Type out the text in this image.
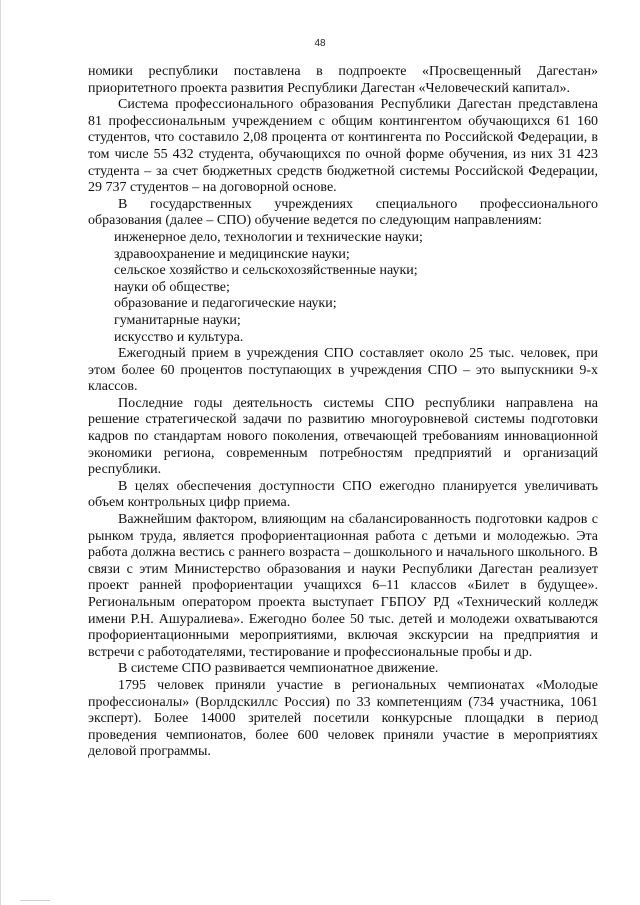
48

номики республики поставлена в подпроекте «Просвещенный Дагестан» приоритетного проекта развития Республики Дагестан «Человеческий капитал».

Система профессионального образования Республики Дагестан представлена 81 профессиональным учреждением с общим контингентом обучающихся 61 160 студентов, что составило 2,08 процента от контингента по Российской Федерации, в том числе 55 432 студента, обучающихся по очной форме обучения, из них 31 423 студента – за счет бюджетных средств бюджетной системы Российской Федерации, 29 737 студентов – на договорной основе.

В государственных учреждениях специального профессионального образования (далее – СПО) обучение ведется по следующим направлениям:

инженерное дело, технологии и технические науки;
здравоохранение и медицинские науки;
сельское хозяйство и сельскохозяйственные науки;
науки об обществе;
образование и педагогические науки;
гуманитарные науки;
искусство и культура.

Ежегодный прием в учреждения СПО составляет около 25 тыс. человек, при этом более 60 процентов поступающих в учреждения СПО – это выпускники 9-х классов.

Последние годы деятельность системы СПО республики направлена на решение стратегической задачи по развитию многоуровневой системы подготовки кадров по стандартам нового поколения, отвечающей требованиям инновационной экономики региона, современным потребностям предприятий и организаций республики.

В целях обеспечения доступности СПО ежегодно планируется увеличивать объем контрольных цифр приема.

Важнейшим фактором, влияющим на сбалансированность подготовки кадров с рынком труда, является профориентационная работа с детьми и молодежью. Эта работа должна вестись с раннего возраста – дошкольного и начального школьного. В связи с этим Министерство образования и науки Республики Дагестан реализует проект ранней профориентации учащихся 6–11 классов «Билет в будущее». Региональным оператором проекта выступает ГБПОУ РД «Технический колледж имени Р.Н. Ашуралиева». Ежегодно более 50 тыс. детей и молодежи охватываются профориентационными мероприятиями, включая экскурсии на предприятия и встречи с работодателями, тестирование и профессиональные пробы и др.

В системе СПО развивается чемпионатное движение.

1795 человек приняли участие в региональных чемпионатах «Молодые профессионалы» (Ворлдскиллс Россия) по 33 компетенциям (734 участника, 1061 эксперт). Более 14000 зрителей посетили конкурсные площадки в период проведения чемпионатов, более 600 человек приняли участие в мероприятиях деловой программы.
